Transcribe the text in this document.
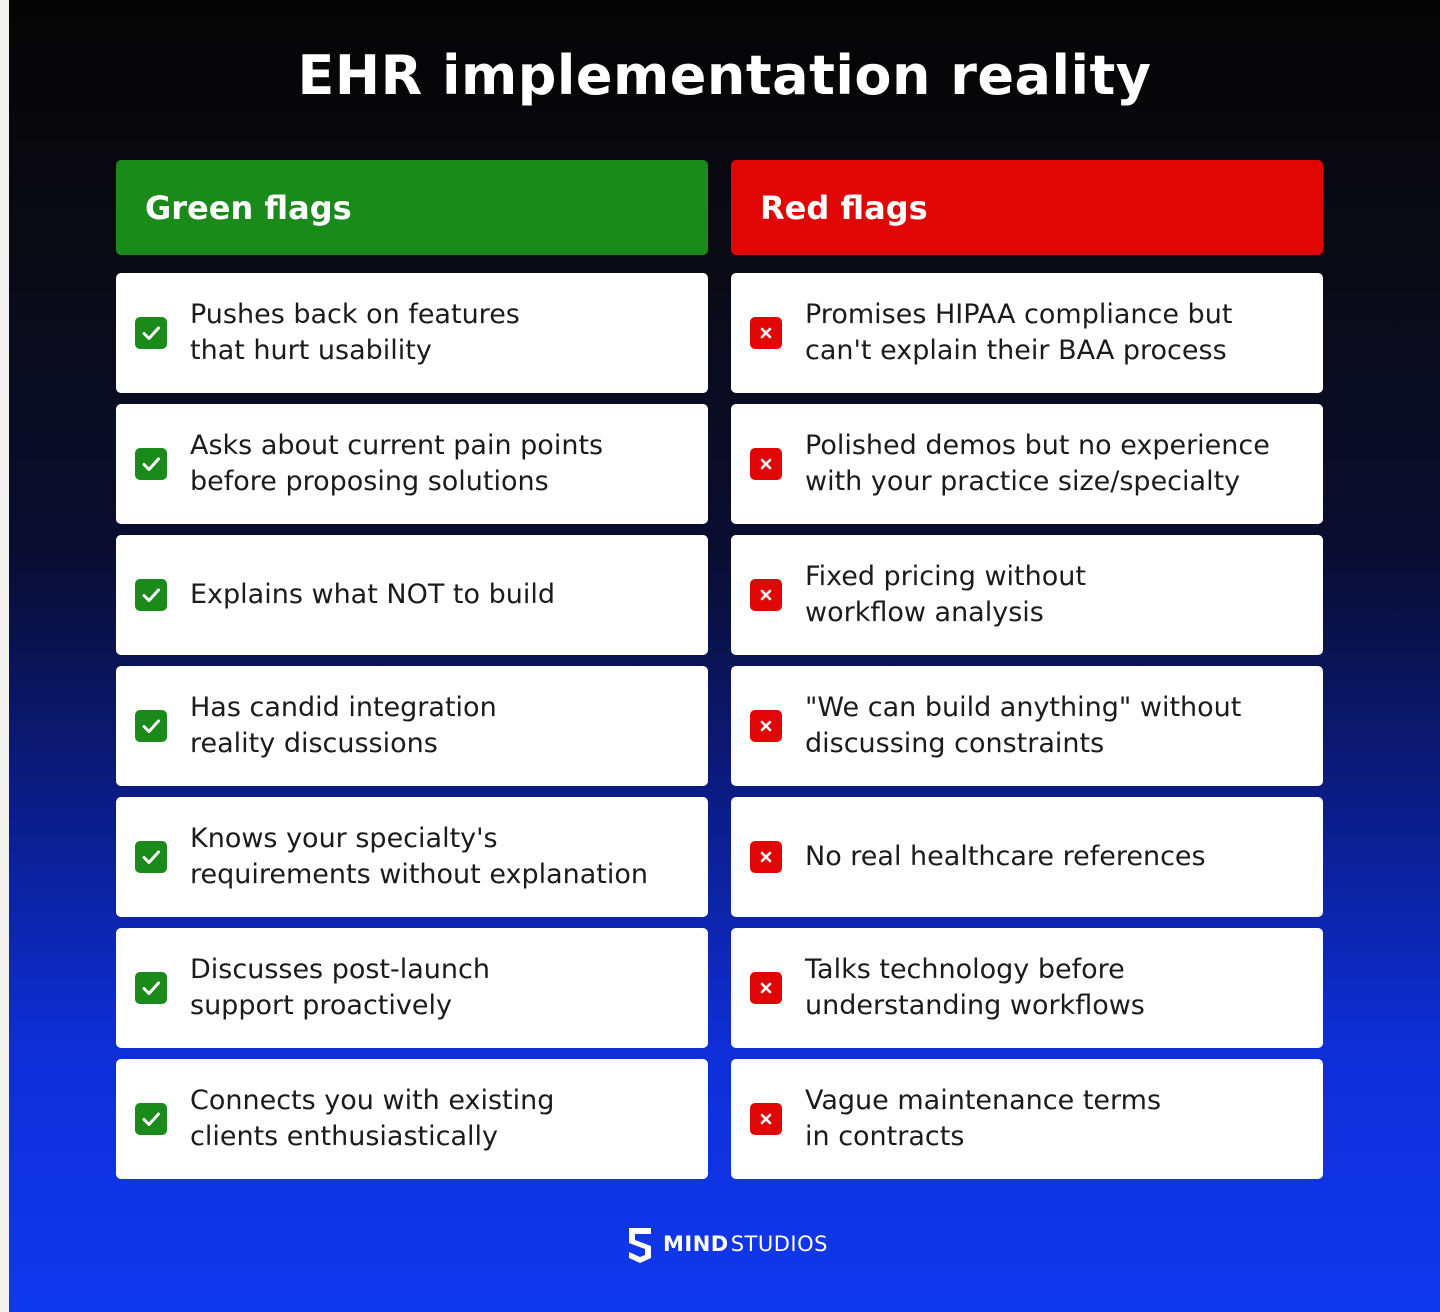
EHR implementation reality
Green flags
Pushes back on features
that hurt usability
Asks about current pain points
before proposing solutions
Explains what NOT to build
Has candid integration
reality discussions
Knows your specialty's
requirements without explanation
Discusses post-launch
support proactively
Connects you with existing
clients enthusiastically
Red flags
Promises HIPAA compliance but
can't explain their BAA process
Polished demos but no experience
with your practice size/specialty
Fixed pricing without
workflow analysis
"We can build anything" without
discussing constraints
No real healthcare references
Talks technology before
understanding workflows
Vague maintenance terms
in contracts
MIND STUDIOS
